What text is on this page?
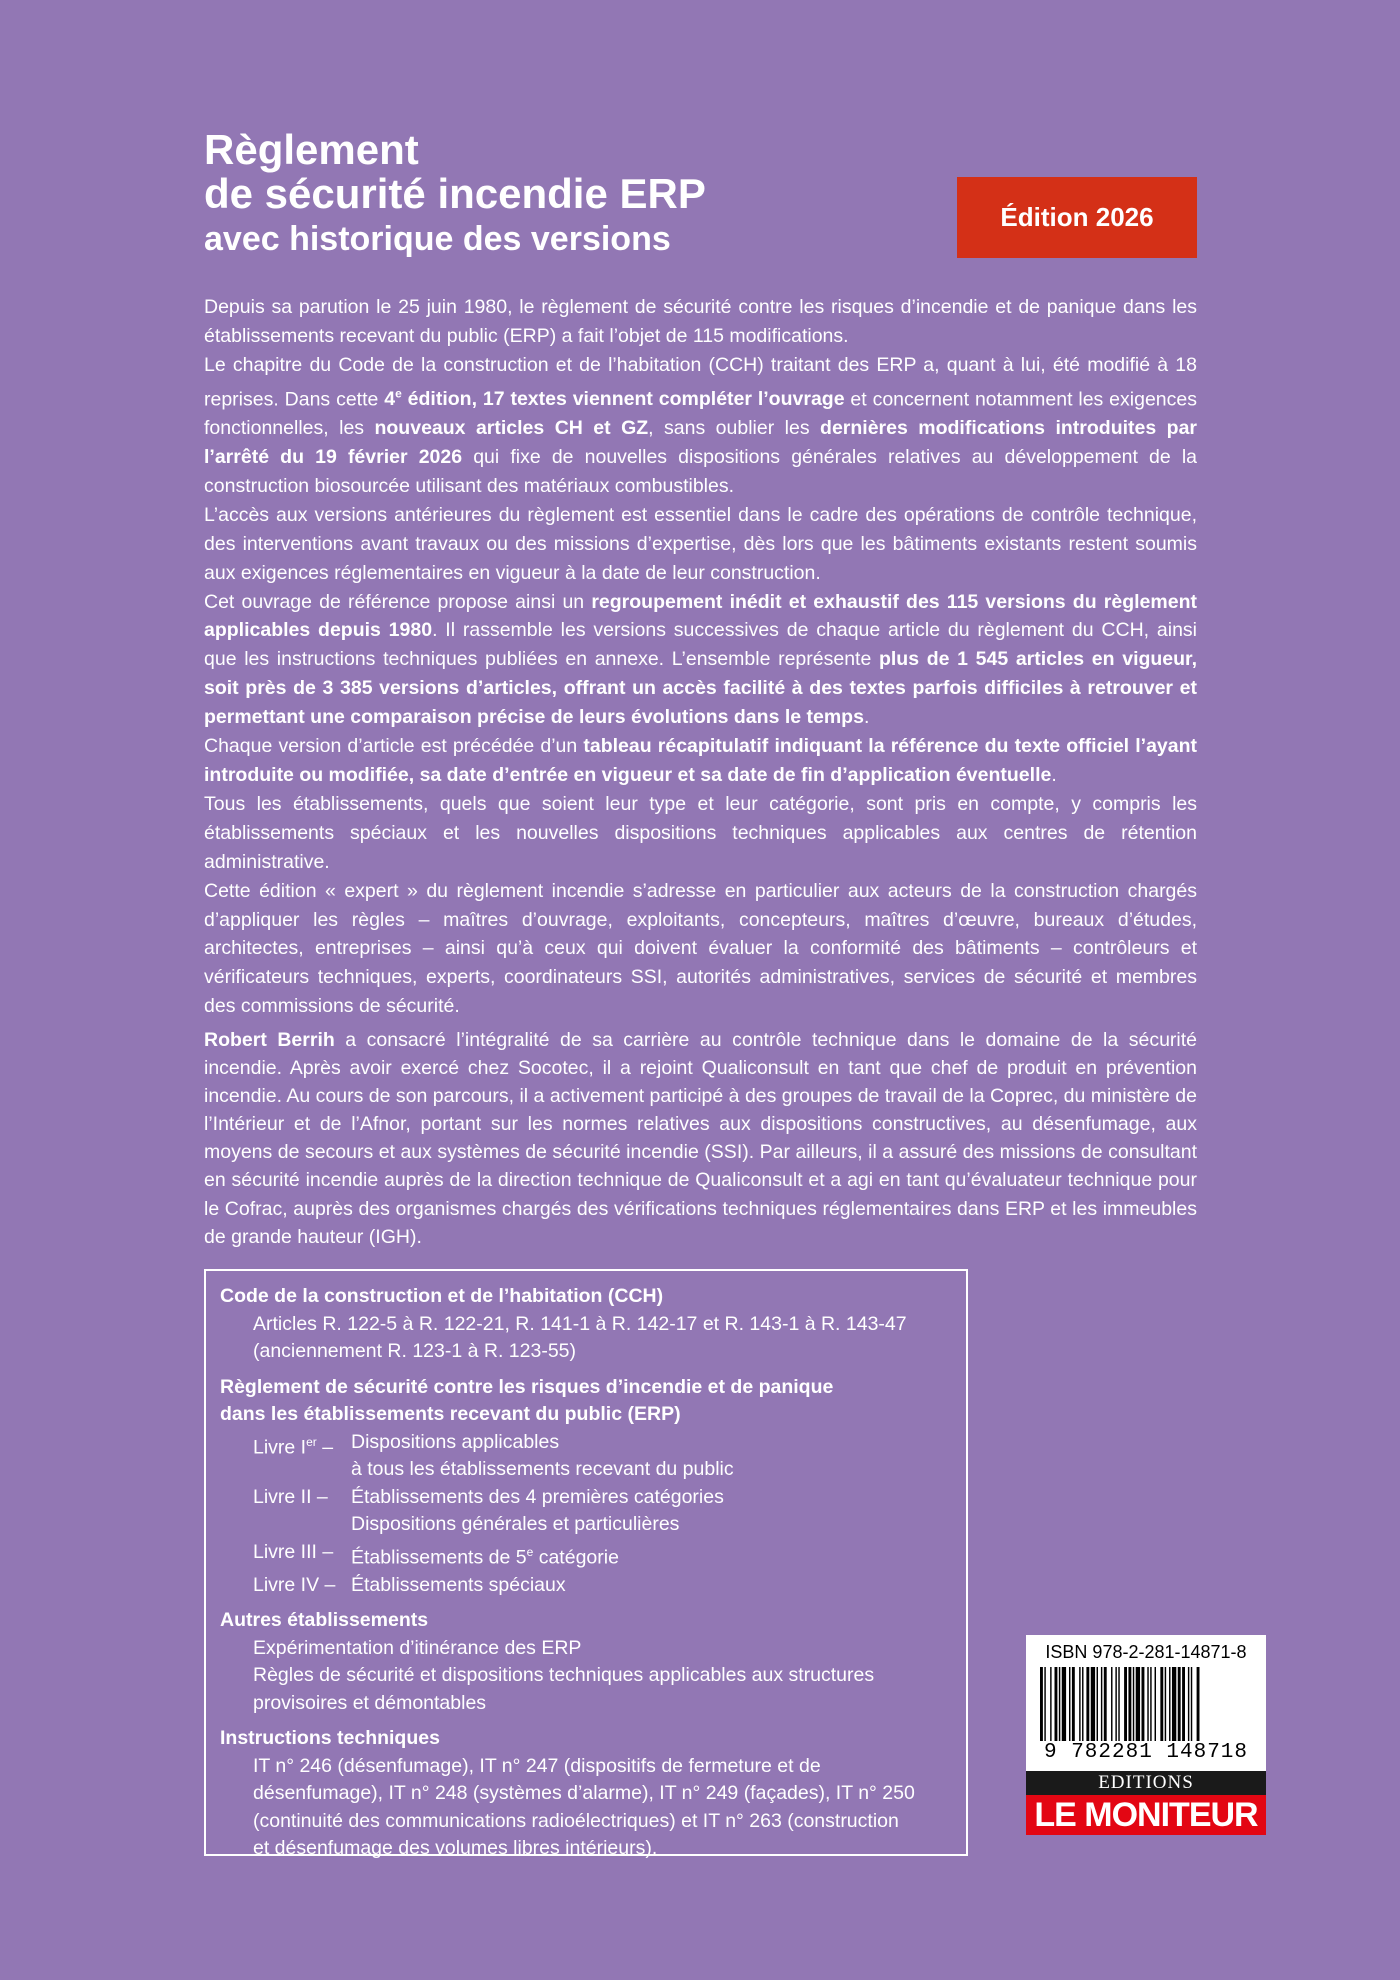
Règlement

de sécurité incendie ERP

avec historique des versions

Édition 2026

Depuis sa parution le 25 juin 1980, le règlement de sécurité contre les risques d’incendie et de panique dans les établissements recevant du public (ERP) a fait l’objet de 115 modifications.

Le chapitre du Code de la construction et de l’habitation (CCH) traitant des ERP a, quant à lui, été modifié à 18 reprises. Dans cette 4e édition, 17 textes viennent compléter l’ouvrage et concernent notamment les exigences fonctionnelles, les nouveaux articles CH et GZ, sans oublier les dernières modifications introduites par l’arrêté du 19 février 2026 qui fixe de nouvelles dispositions générales relatives au développement de la construction biosourcée utilisant des matériaux combustibles.

L’accès aux versions antérieures du règlement est essentiel dans le cadre des opérations de contrôle technique, des interventions avant travaux ou des missions d’expertise, dès lors que les bâtiments existants restent soumis aux exigences réglementaires en vigueur à la date de leur construction.

Cet ouvrage de référence propose ainsi un regroupement inédit et exhaustif des 115 versions du règlement applicables depuis 1980. Il rassemble les versions successives de chaque article du règlement du CCH, ainsi que les instructions techniques publiées en annexe. L’ensemble représente plus de 1 545 articles en vigueur, soit près de 3 385 versions d’articles, offrant un accès facilité à des textes parfois difficiles à retrouver et permettant une comparaison précise de leurs évolutions dans le temps.

Chaque version d’article est précédée d’un tableau récapitulatif indiquant la référence du texte officiel l’ayant introduite ou modifiée, sa date d’entrée en vigueur et sa date de fin d’application éventuelle.

Tous les établissements, quels que soient leur type et leur catégorie, sont pris en compte, y compris les établissements spéciaux et les nouvelles dispositions techniques applicables aux centres de rétention administrative.

Cette édition « expert » du règlement incendie s’adresse en particulier aux acteurs de la construction chargés d’appliquer les règles – maîtres d’ouvrage, exploitants, concepteurs, maîtres d’œuvre, bureaux d’études, architectes, entreprises – ainsi qu’à ceux qui doivent évaluer la conformité des bâtiments – contrôleurs et vérificateurs techniques, experts, coordinateurs SSI, autorités administratives, services de sécurité et membres des commissions de sécurité.

Robert Berrih a consacré l’intégralité de sa carrière au contrôle technique dans le domaine de la sécurité incendie. Après avoir exercé chez Socotec, il a rejoint Qualiconsult en tant que chef de produit en prévention incendie. Au cours de son parcours, il a activement participé à des groupes de travail de la Coprec, du ministère de l’Intérieur et de l’Afnor, portant sur les normes relatives aux dispositions constructives, au désenfumage, aux moyens de secours et aux systèmes de sécurité incendie (SSI). Par ailleurs, il a assuré des missions de consultant en sécurité incendie auprès de la direction technique de Qualiconsult et a agi en tant qu’évaluateur technique pour le Cofrac, auprès des organismes chargés des vérifications techniques réglementaires dans ERP et les immeubles de grande hauteur (IGH).

Code de la construction et de l’habitation (CCH)

Articles R. 122-5 à R. 122-21, R. 141-1 à R. 142-17 et R. 143-1 à R. 143-47

(anciennement R. 123-1 à R. 123-55)

Règlement de sécurité contre les risques d’incendie et de panique

dans les établissements recevant du public (ERP)

Livre Ier – Dispositions applicables
à tous les établissements recevant du public
Livre II –	Établissements des 4 premières catégories
Dispositions générales et particulières
Livre III – Établissements de 5e catégorie
Livre IV – Établissements spéciaux

Autres établissements

Expérimentation d’itinérance des ERP

Règles de sécurité et dispositions techniques applicables aux structures

provisoires et démontables

Instructions techniques

IT n° 246 (désenfumage), IT n° 247 (dispositifs de fermeture et de

désenfumage), IT n° 248 (systèmes d’alarme), IT n° 249 (façades), IT n° 250

(continuité des communications radioélectriques) et IT n° 263 (construction

et désenfumage des volumes libres intérieurs).

ISBN 978-2-281-14871-8
9 782281 148718
EDITIONS
LE MONITEUR
